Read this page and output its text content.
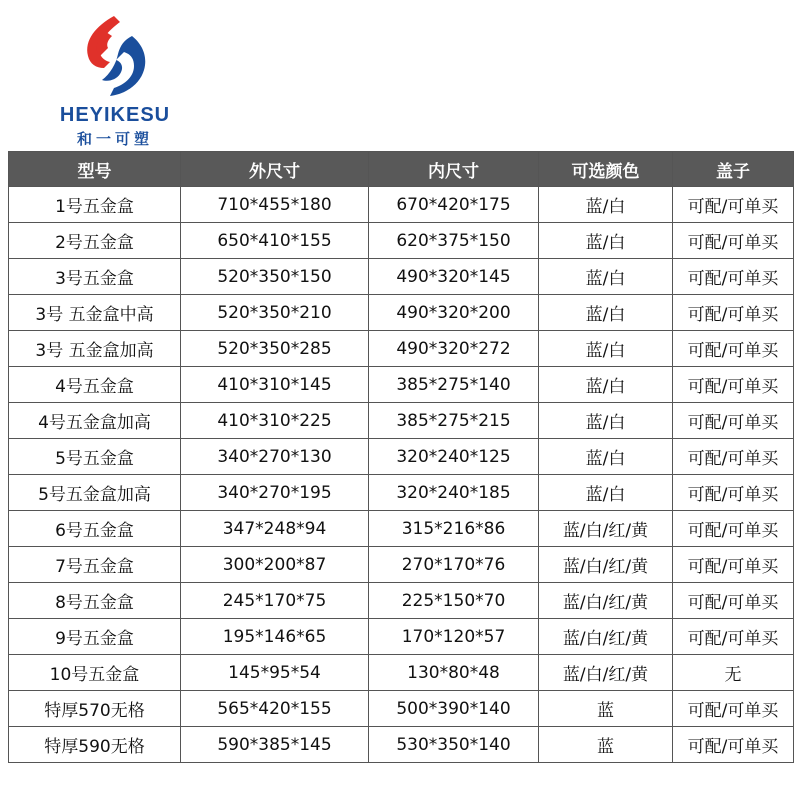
HEYIKESU
和一可塑
型号	外尺寸	内尺寸	可选颜色	盖子
1号五金盒	710*455*180	670*420*175	蓝/白	可配/可单买
2号五金盒	650*410*155	620*375*150	蓝/白	可配/可单买
3号五金盒	520*350*150	490*320*145	蓝/白	可配/可单买
3号 五金盒中高	520*350*210	490*320*200	蓝/白	可配/可单买
3号 五金盒加高	520*350*285	490*320*272	蓝/白	可配/可单买
4号五金盒	410*310*145	385*275*140	蓝/白	可配/可单买
4号五金盒加高	410*310*225	385*275*215	蓝/白	可配/可单买
5号五金盒	340*270*130	320*240*125	蓝/白	可配/可单买
5号五金盒加高	340*270*195	320*240*185	蓝/白	可配/可单买
6号五金盒	347*248*94	315*216*86	蓝/白/红/黄	可配/可单买
7号五金盒	300*200*87	270*170*76	蓝/白/红/黄	可配/可单买
8号五金盒	245*170*75	225*150*70	蓝/白/红/黄	可配/可单买
9号五金盒	195*146*65	170*120*57	蓝/白/红/黄	可配/可单买
10号五金盒	145*95*54	130*80*48	蓝/白/红/黄	无
特厚570无格	565*420*155	500*390*140	蓝	可配/可单买
特厚590无格	590*385*145	530*350*140	蓝	可配/可单买
